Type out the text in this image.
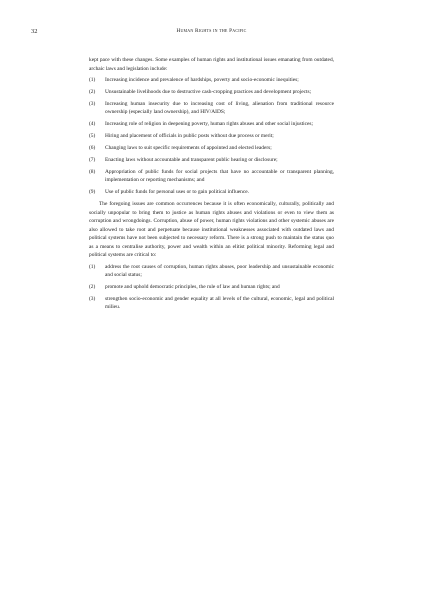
32	Human Rights in the Pacific

kept pace with these changes. Some examples of human rights and institutional issues emanating from outdated, archaic laws and legislation include:

(1)	Increasing incidence and prevalence of hardships, poverty and socio-economic inequities;
(2)	Unsustainable livelihoods due to destructive cash-cropping practices and development projects;
(3)	Increasing human insecurity due to increasing cost of living, alienation from traditional resource ownership (especially land ownership), and HIV/AIDS;
(4)	Increasing role of religion in deepening poverty, human rights abuses and other social injustices;
(5)	Hiring and placement of officials in public posts without due process or merit;
(6)	Changing laws to suit specific requirements of appointed and elected leaders;
(7)	Enacting laws without accountable and transparent public hearing or disclosure;
(8)	Appropriation of public funds for social projects that have no accountable or transparent planning, implementation or reporting mechanisms; and
(9)	Use of public funds for personal uses or to gain political influence.

The foregoing issues are common occurrences because it is often economically, culturally, politically and socially unpopular to bring them to justice as human rights abuses and violations or even to view them as corruption and wrongdoings. Corruption, abuse of power, human rights violations and other systemic abuses are also allowed to take root and perpetuate because institutional weaknesses associated with outdated laws and political systems have not been subjected to necessary reform. There is a strong push to maintain the status quo as a means to centralise authority, power and wealth within an elitist political minority. Reforming legal and political systems are critical to:

(1)	address the root causes of corruption, human rights abuses, poor leadership and unsustainable economic and social status;
(2)	promote and uphold democratic principles, the rule of law and human rights; and
(3)	strengthen socio-economic and gender equality at all levels of the cultural, economic, legal and political milieu.
